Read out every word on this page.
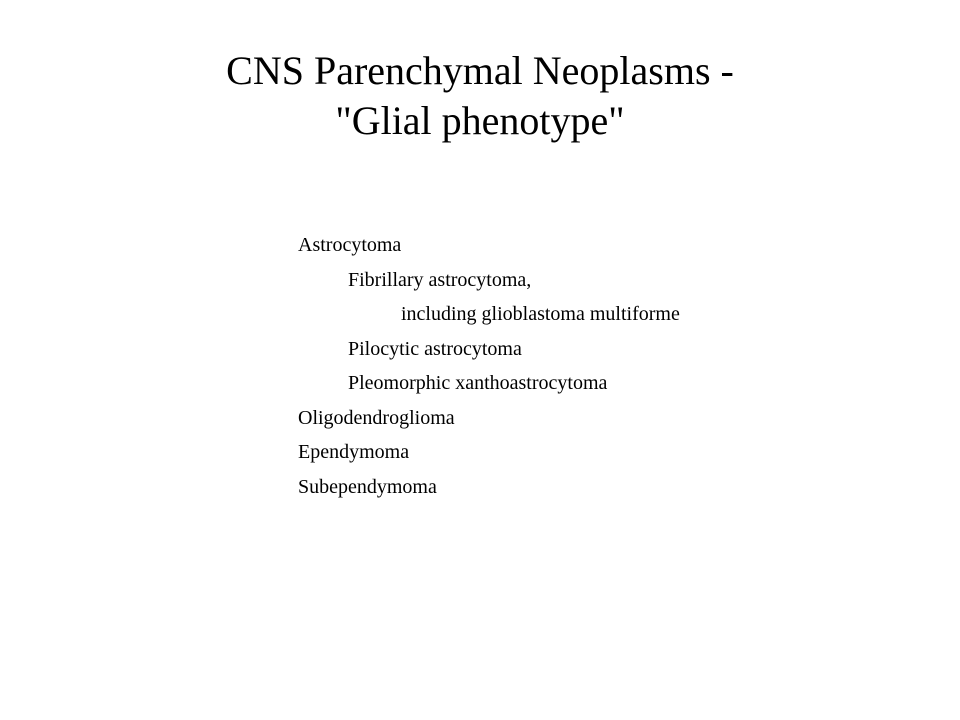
CNS Parenchymal Neoplasms -
"Glial phenotype"
Astrocytoma
Fibrillary astrocytoma,
including glioblastoma multiforme
Pilocytic astrocytoma
Pleomorphic xanthoastrocytoma
Oligodendroglioma
Ependymoma
Subependymoma
